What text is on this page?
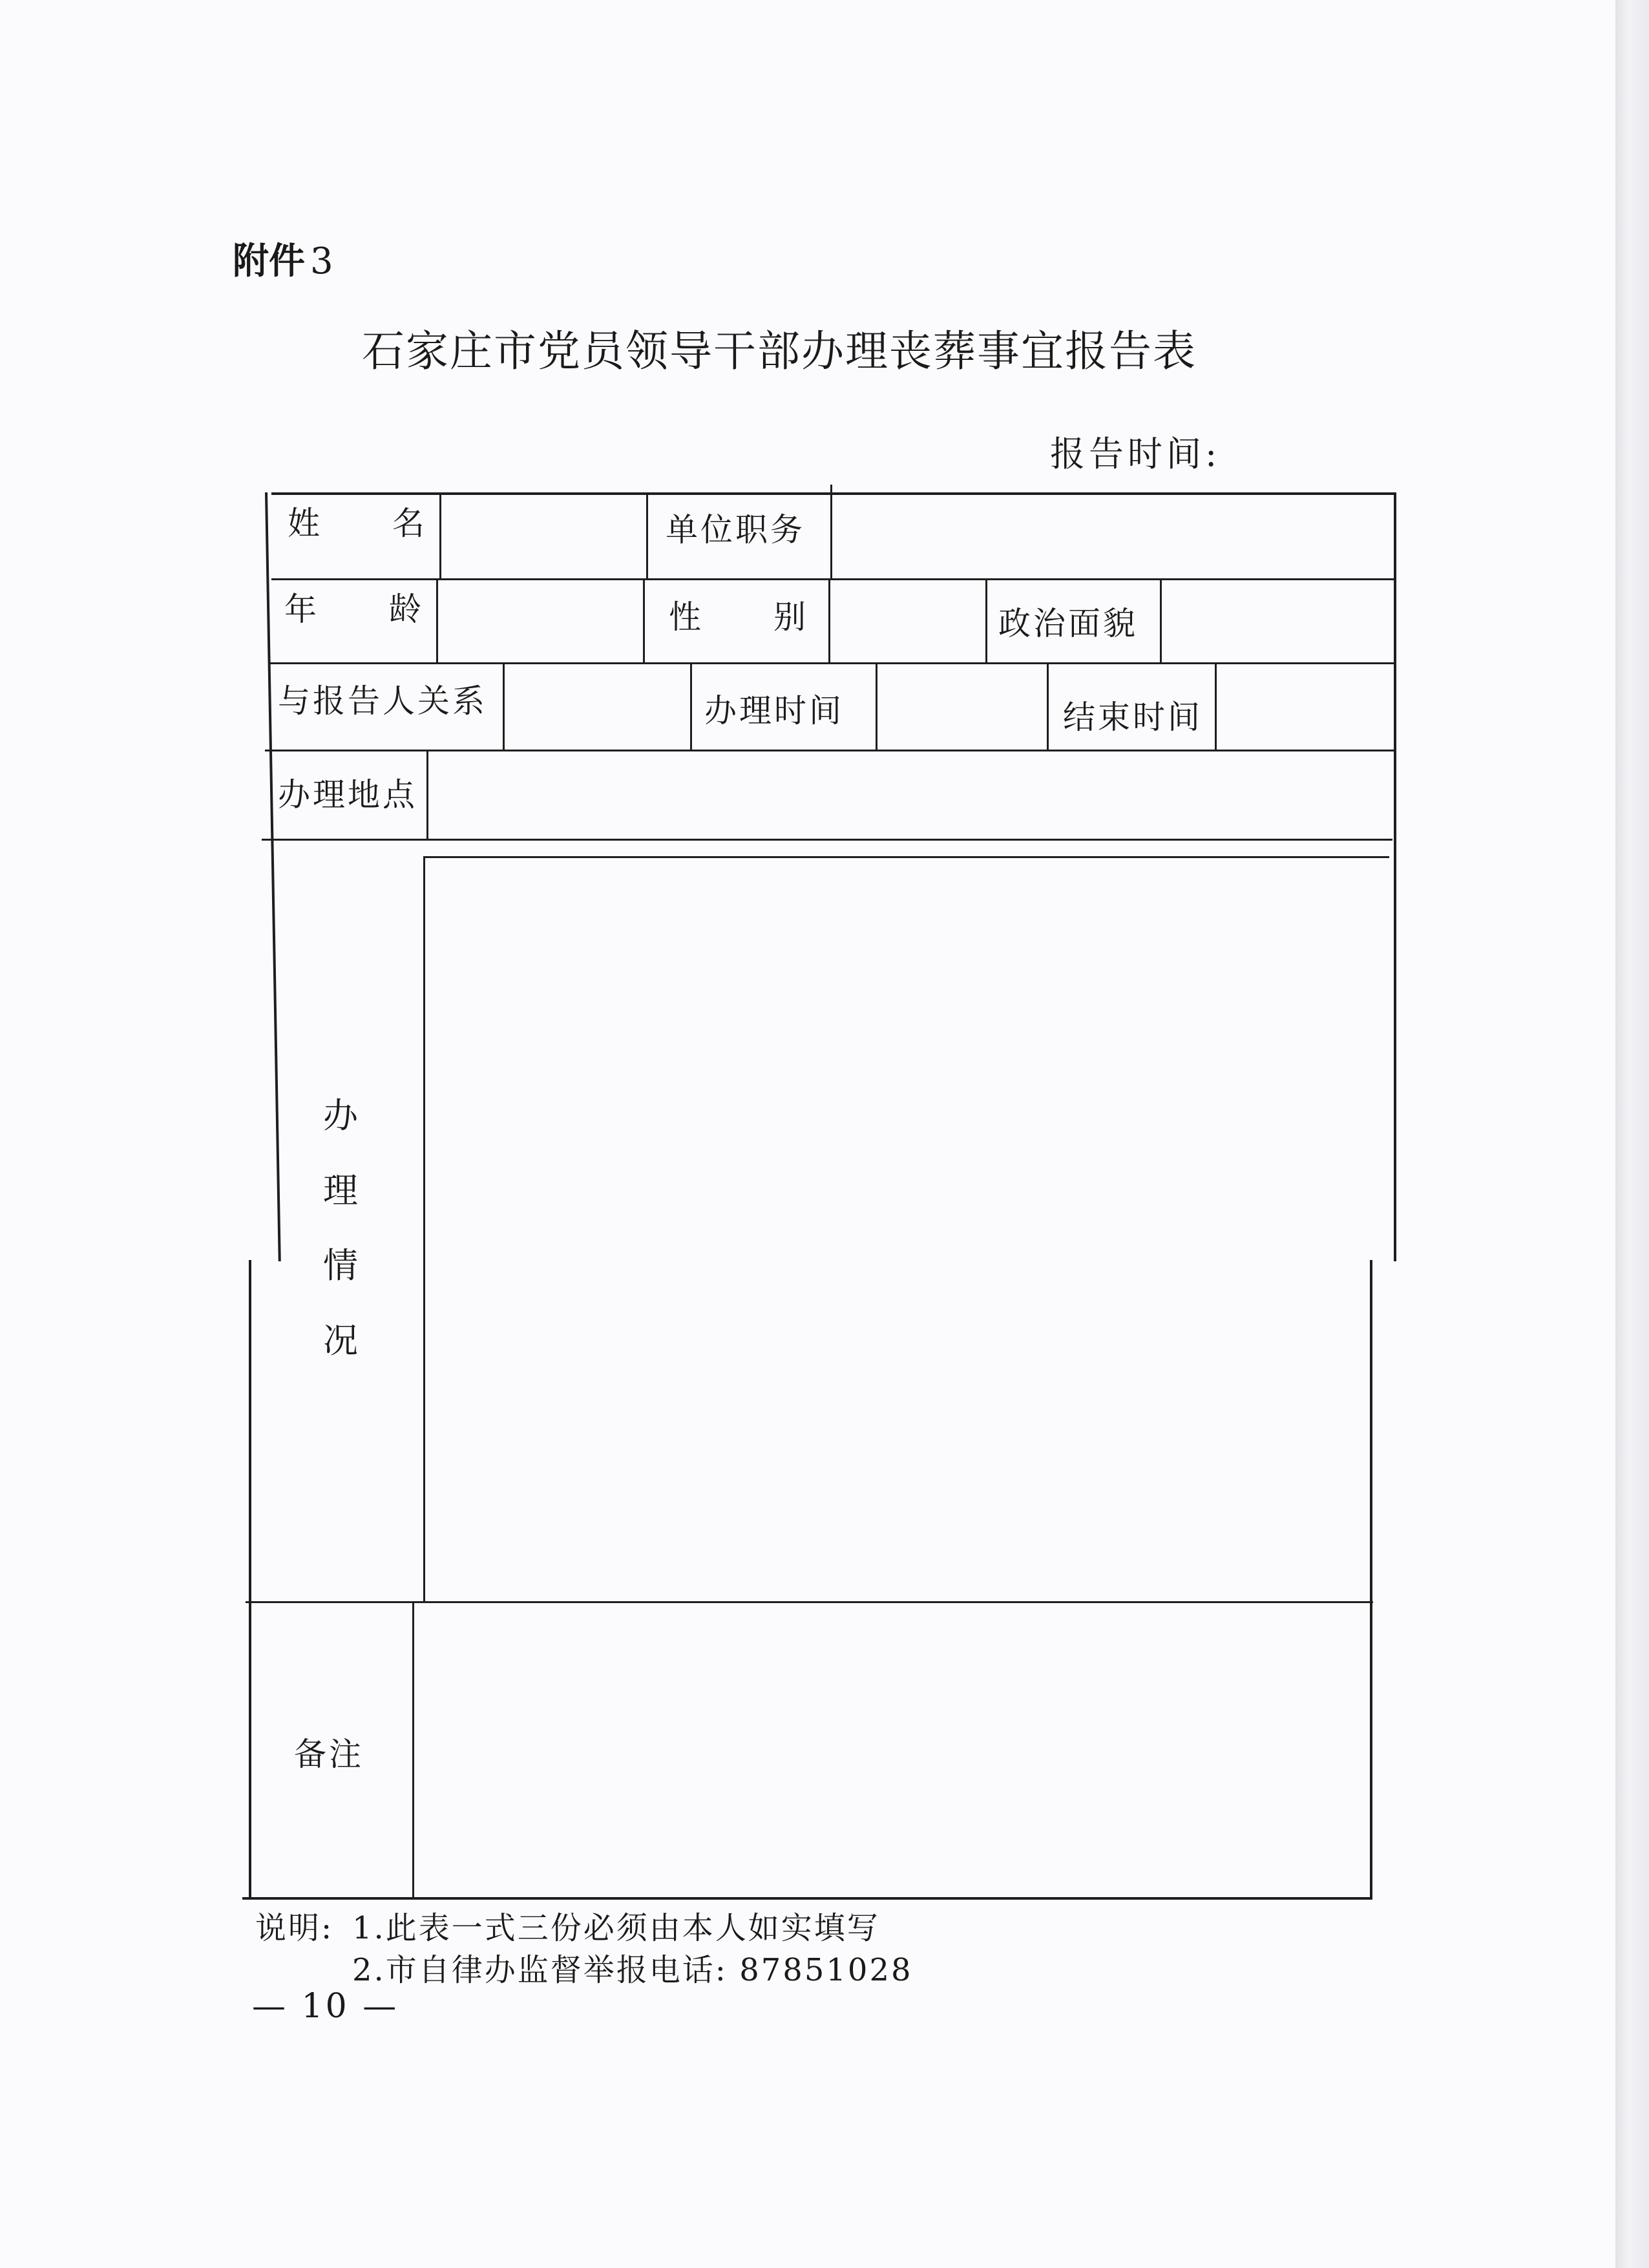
附件 3
石家庄市党员领导干部办理丧葬事宜报告表
报告时间:
姓　　名	单位职务
年　　龄	性　　别	政治面貌
与报告人关系	办理时间	结束时间
办理地点
办
理
情
况
备注
说明: 1.此表一式三份必须由本人如实填写
2.市自律办监督举报电话: 87851028
— 10 —
